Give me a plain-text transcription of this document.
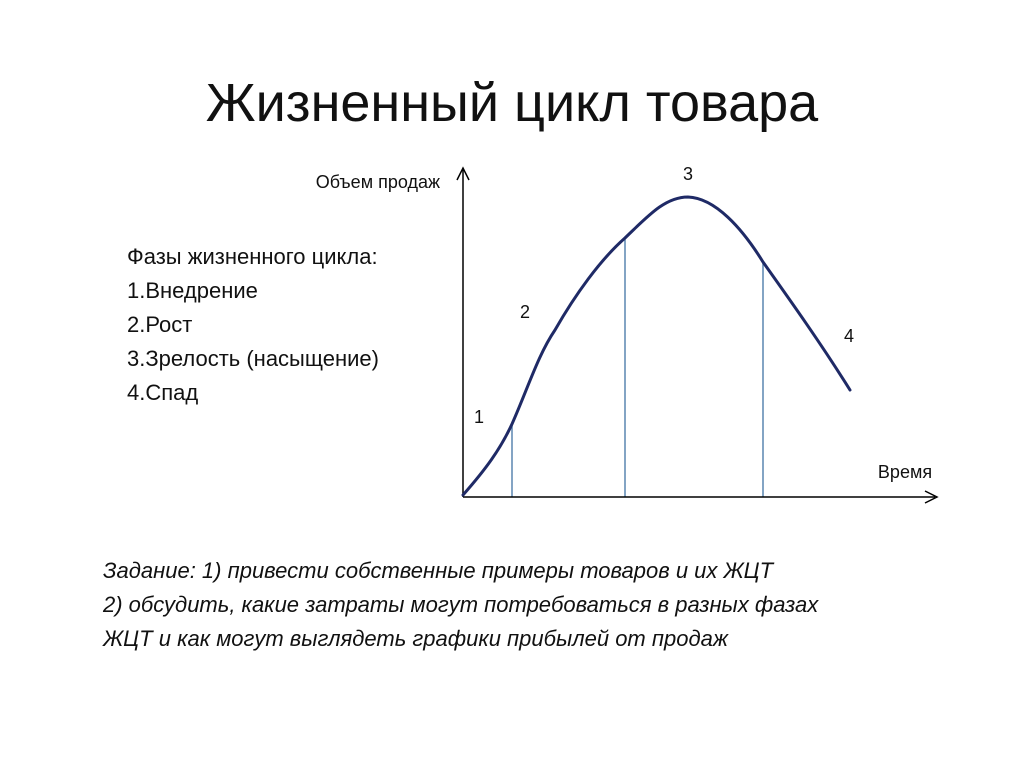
Жизненный цикл товара
Фазы жизненного цикла:
1.Внедрение
2.Рост
3.Зрелость (насыщение)
4.Спад
Объем продаж
Время
1
2
3
4
Задание: 1) привести собственные примеры товаров и их ЖЦТ
2) обсудить, какие затраты могут потребоваться в разных фазах
ЖЦТ и как могут выглядеть графики прибылей от продаж
